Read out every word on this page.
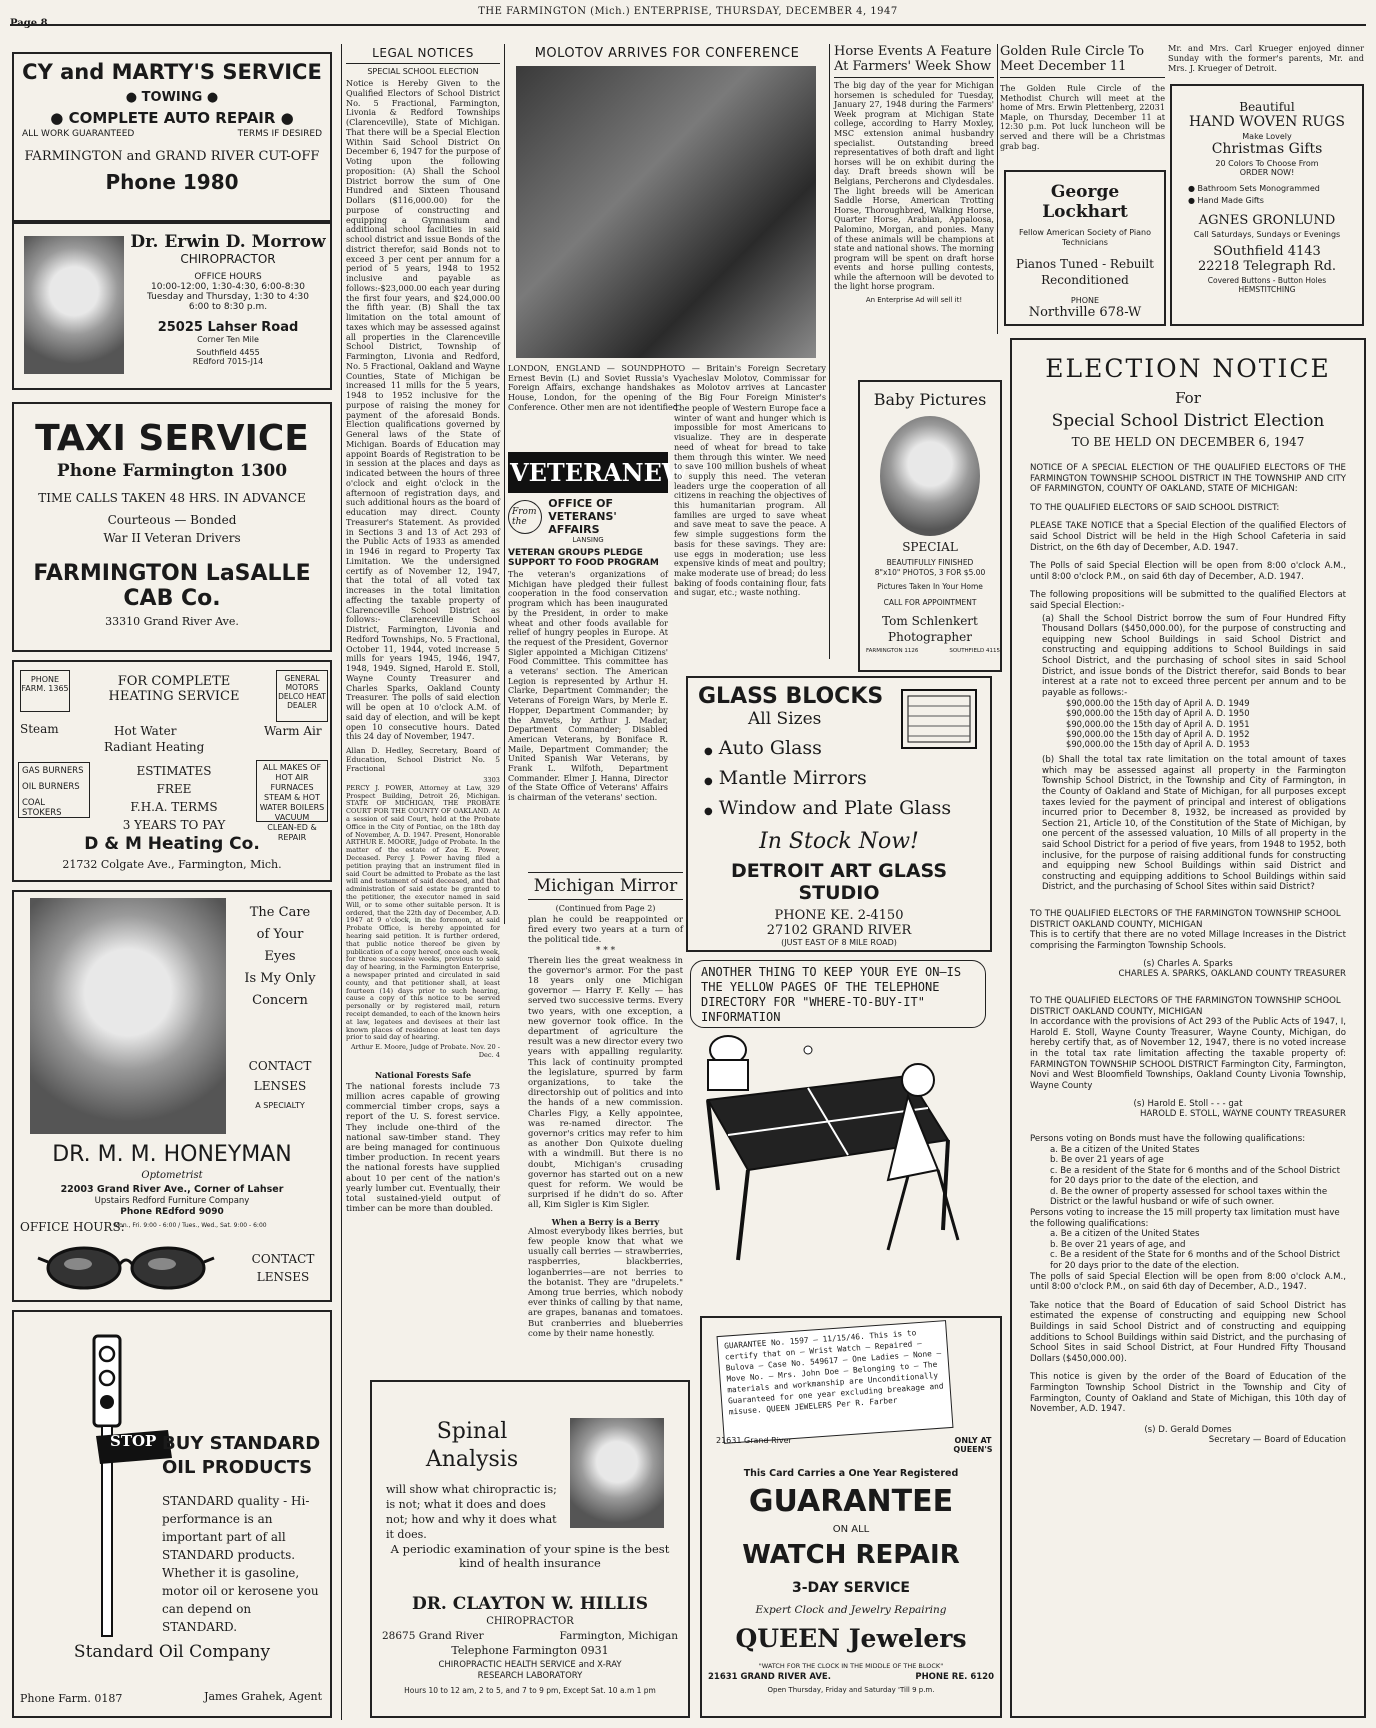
THE FARMINGTON (Mich.) ENTERPRISE, THURSDAY, DECEMBER 4, 1947
CY and MARTY'S SERVICE
● TOWING ●
● COMPLETE AUTO REPAIR ●
ALL WORK GUARANTEED	TERMS IF DESIRED
FARMINGTON and GRAND RIVER CUT-OFF
Phone 1980
Dr. Erwin D. Morrow
CHIROPRACTOR
OFFICE HOURS
10:00-12:00, 1:30-4:30, 6:00-8:30
Tuesday and Thursday, 1:30 to 4:30
6:00 to 8:30 p.m.
25025 Lahser Road
Corner Ten Mile
Southfield 4455
REdford 7015-J14
TAXI SERVICE
Phone Farmington 1300
TIME CALLS TAKEN 48 HRS. IN ADVANCE
Courteous — Bonded
War II Veteran Drivers
FARMINGTON LaSALLE CAB Co.
33310 Grand River Ave.
PHONE FARM. 1365
GENERAL MOTORS DELCO HEAT DEALER
FOR COMPLETE
HEATING SERVICE
Steam	Hot Water	Warm Air
Radiant Heating
GAS BURNERS
OIL BURNERS
COAL STOKERS
ESTIMATES
FREE
F.H.A. TERMS
3 YEARS TO PAY
ALL MAKES OF HOT AIR FURNACES STEAM & HOT WATER BOILERS VACUUM CLEAN-ED & REPAIR
D & M Heating Co.
21732 Colgate Ave., Farmington, Mich.
The Care
of Your
Eyes
Is My Only
Concern
CONTACT
LENSES
A SPECIALTY
DR. M. M. HONEYMAN
Optometrist
22003 Grand River Ave., Corner of Lahser
Upstairs Redford Furniture Company
Phone REdford 9090
OFFICE HOURS:
Mon., Fri. 9:00 - 6:00 / Tues., Wed., Sat. 9:00 - 6:00
CONTACT
LENSES
STOP BUY STANDARD OIL PRODUCTS
STANDARD quality - Hi-performance is an important part of all STANDARD products. Whether it is gasoline, motor oil or kerosene you can depend on STANDARD.
Standard Oil Company
Phone Farm. 0187	James Grahek, Agent
LEGAL NOTICES
SPECIAL SCHOOL ELECTION
Notice is Hereby Given to the Qualified Electors of School District No. 5 Fractional, Farmington, Livonia & Redford Townships (Clarenceville), State of Michigan. That there will be a Special Election Within Said School District On December 6, 1947 for the purpose of Voting upon the following proposition: (A) Shall the School District borrow the sum of One Hundred and Sixteen Thousand Dollars ($116,000.00) for the purpose of constructing and equipping a Gymnasium and additional school facilities in said school district and issue Bonds of the district therefor, said Bonds not to exceed 3 per cent per annum for a period of 5 years, 1948 to 1952 inclusive and payable as follows:-$23,000.00 each year during the first four years, and $24,000.00 the fifth year. (B) Shall the tax limitation on the total amount of taxes which may be assessed against all properties in the Clarenceville School District, Township of Farmington, Livonia and Redford, No. 5 Fractional, Oakland and Wayne Counties, State of Michigan be increased 11 mills for the 5 years, 1948 to 1952 inclusive for the purpose of raising the money for payment of the aforesaid Bonds. Election qualifications governed by General laws of the State of Michigan. Boards of Education may appoint Boards of Registration to be in session at the places and days as indicated between the hours of three o'clock and eight o'clock in the afternoon of registration days, and such additional hours as the board of education may direct. County Treasurer's Statement. As provided in Sections 3 and 13 of Act 293 of the Public Acts of 1933 as amended in 1946 in regard to Property Tax Limitation. We the undersigned certify as of November 12, 1947, that the total of all voted tax increases in the total limitation affecting the taxable property of Clarenceville School District as follows:- Clarenceville School District, Farmington, Livonia and Redford Townships, No. 5 Fractional, October 11, 1944, voted increase 5 mills for years 1945, 1946, 1947, 1948, 1949. Signed, Harold E. Stoll, Wayne County Treasurer and Charles Sparks, Oakland County Treasurer. The polls of said election will be open at 10 o'clock A.M. of said day of election, and will be kept open 10 consecutive hours. Dated this 24 day of November, 1947.
Allan D. Hedley, Secretary, Board of Education, School District No. 5 Fractional
3303
PERCY J. POWER, Attorney at Law, 329 Prospect Building, Detroit 26, Michigan. STATE OF MICHIGAN, THE PROBATE COURT FOR THE COUNTY OF OAKLAND. At a session of said Court, held at the Probate Office in the City of Pontiac, on the 18th day of November, A. D. 1947. Present, Honorable ARTHUR E. MOORE, Judge of Probate. In the matter of the estate of Zoa E. Power, Deceased. Percy J. Power having filed a petition praying that an instrument filed in said Court be admitted to Probate as the last will and testament of said deceased, and that administration of said estate be granted to the petitioner, the executor named in said Will, or to some other suitable person. It is ordered, that the 22th day of December, A.D. 1947 at 9 o'clock, in the forenoon, at said Probate Office, is hereby appointed for hearing said petition. It is further ordered, that public notice thereof be given by publication of a copy hereof, once each week, for three successive weeks, previous to said day of hearing, in the Farmington Enterprise, a newspaper printed and circulated in said county, and that petitioner shall, at least fourteen (14) days prior to such hearing, cause a copy of this notice to be served personally or by registered mail, return receipt demanded, to each of the known heirs at law, legatees and devisees at their last known places of residence at least ten days prior to said day of hearing.
Arthur E. Moore, Judge of Probate. Nov. 20 - Dec. 4
National Forests Safe
The national forests include 73 million acres capable of growing commercial timber crops, says a report of the U. S. forest service. They include one-third of the national saw-timber stand. They are being managed for continuous timber production. In recent years the national forests have supplied about 10 per cent of the nation's yearly lumber cut. Eventually, their total sustained-yield output of timber can be more than doubled.
MOLOTOV ARRIVES FOR CONFERENCE
LONDON, ENGLAND — SOUNDPHOTO — Britain's Foreign Secretary Ernest Bevin (L) and Soviet Russia's Vyacheslav Molotov, Commissar for Foreign Affairs, exchange handshakes as Molotov arrives at Lancaster House, London, for the opening of the Big Four Foreign Minister's Conference. Other men are not identified.
VETERANEWS
From the
OFFICE OF VETERANS' AFFAIRS
LANSING
VETERAN GROUPS PLEDGE SUPPORT TO FOOD PROGRAM
The veteran's organizations of Michigan have pledged their fullest cooperation in the food conservation program which has been inaugurated by the President, in order to make wheat and other foods available for relief of hungry peoples in Europe. At the request of the President, Governor Sigler appointed a Michigan Citizens' Food Committee. This committee has a veterans' section. The American Legion is represented by Arthur H. Clarke, Department Commander; the Veterans of Foreign Wars, by Merle E. Hopper, Department Commander; by the Amvets, by Arthur J. Madar, Department Commander; Disabled American Veterans, by Boniface R. Maile, Department Commander; the United Spanish War Veterans, by Frank L. Wilfoth, Department Commander. Elmer J. Hanna, Director of the State Office of Veterans' Affairs is chairman of the veterans' section.
The people of Western Europe face a winter of want and hunger which is impossible for most Americans to visualize. They are in desperate need of wheat for bread to take them through this winter. We need to save 100 million bushels of wheat to supply this need. The veteran leaders urge the cooperation of all citizens in reaching the objectives of this humanitarian program. All families are urged to save wheat and save meat to save the peace. A few simple suggestions form the basis for these savings. They are: use eggs in moderation; use less expensive kinds of meat and poultry; make moderate use of bread; do less baking of foods containing flour, fats and sugar, etc.; waste nothing.
GLASS BLOCKS
All Sizes
● Auto Glass
● Mantle Mirrors
● Window and Plate Glass
In Stock Now!
DETROIT ART GLASS STUDIO
PHONE KE. 2-4150
27102 GRAND RIVER
(JUST EAST OF 8 MILE ROAD)
Michigan Mirror
(Continued from Page 2)
plan he could be reappointed or fired every two years at a turn of the political tide.
* * *
Therein lies the great weakness in the governor's armor. For the past 18 years only one Michigan governor — Harry F. Kelly — has served two successive terms. Every two years, with one exception, a new governor took office. In the department of agriculture the result was a new director every two years with appalling regularity. This lack of continuity prompted the legislature, spurred by farm organizations, to take the directorship out of politics and into the hands of a new commission. Charles Figy, a Kelly appointee, was re-named director. The governor's critics may refer to him as another Don Quixote dueling with a windmill. But there is no doubt, Michigan's crusading governor has started out on a new quest for reform. We would be surprised if he didn't do so. After all, Kim Sigler is Kim Sigler.
When a Berry is a Berry
Almost everybody likes berries, but few people know that what we usually call berries — strawberries, raspberries, blackberries, loganberries—are not berries to the botanist. They are "drupelets." Among true berries, which nobody ever thinks of calling by that name, are grapes, bananas and tomatoes. But cranberries and blueberries come by their name honestly.
ANOTHER THING TO KEEP YOUR EYE ON—IS THE YELLOW PAGES OF THE TELEPHONE DIRECTORY FOR "WHERE-TO-BUY-IT" INFORMATION
Spinal
Analysis
will show what chiropractic is; is not; what it does and does not; how and why it does what it does.
A periodic examination of your spine is the best kind of health insurance
DR. CLAYTON W. HILLIS
CHIROPRACTOR
28675 Grand River	Farmington, Michigan
Telephone Farmington 0931
CHIROPRACTIC HEALTH SERVICE and X-RAY RESEARCH LABORATORY
Hours 10 to 12 am, 2 to 5, and 7 to 9 pm, Except Sat. 10 a.m 1 pm
GUARANTEE No. 1597 — 11/15/46. This is to certify that on — Wrist Watch — Repaired — Bulova — Case No. 549617 — One Ladies — None — Move No. — Mrs. John Doe — Belonging to — The materials and workmanship are Unconditionally Guaranteed for one year excluding breakage and misuse. QUEEN JEWELERS Per R. Farber
21631 Grand River	ONLY AT QUEEN'S
This Card Carries a One Year Registered
GUARANTEE
ON ALL
WATCH REPAIR
3-DAY SERVICE
Expert Clock and Jewelry Repairing
QUEEN Jewelers
"WATCH FOR THE CLOCK IN THE MIDDLE OF THE BLOCK"
21631 GRAND RIVER AVE.	PHONE RE. 6120
Open Thursday, Friday and Saturday 'Till 9 p.m.
Horse Events A Feature At Farmers' Week Show
The big day of the year for Michigan horsemen is scheduled for Tuesday, January 27, 1948 during the Farmers' Week program at Michigan State college, according to Harry Moxley, MSC extension animal husbandry specialist. Outstanding breed representatives of both draft and light horses will be on exhibit during the day. Draft breeds shown will be Belgians, Percherons and Clydesdales. The light breeds will be American Saddle Horse, American Trotting Horse, Thoroughbred, Walking Horse, Quarter Horse, Arabian, Appaloosa, Palomino, Morgan, and ponies. Many of these animals will be champions at state and national shows. The morning program will be spent on draft horse events and horse pulling contests, while the afternoon will be devoted to the light horse program.
An Enterprise Ad will sell it!
Baby Pictures
SPECIAL
BEAUTIFULLY FINISHED
8"x10" PHOTOS, 3 FOR $5.00
Pictures Taken In Your Home
CALL FOR APPOINTMENT
Tom Schlenkert
Photographer
FARMINGTON 1126	SOUTHFIELD 4115
Golden Rule Circle To Meet December 11
The Golden Rule Circle of the Methodist Church will meet at the home of Mrs. Erwin Plettenberg, 22031 Maple, on Thursday, December 11 at 12:30 p.m. Pot luck luncheon will be served and there will be a Christmas grab bag.
Mr. and Mrs. Carl Krueger enjoyed dinner Sunday with the former's parents, Mr. and Mrs. J. Krueger of Detroit.
George Lockhart
Fellow American Society of Piano Technicians
Pianos Tuned - Rebuilt Reconditioned
PHONE
Northville 678-W
Beautiful
HAND WOVEN RUGS
Make Lovely
Christmas Gifts
20 Colors To Choose From
ORDER NOW!
● Bathroom Sets Monogrammed
● Hand Made Gifts
AGNES GRONLUND
Call Saturdays, Sundays or Evenings
SOuthfield 4143
22218 Telegraph Rd.
Covered Buttons - Button Holes
HEMSTITCHING
ELECTION NOTICE
For
Special School District Election
TO BE HELD ON DECEMBER 6, 1947
NOTICE OF A SPECIAL ELECTION OF THE QUALIFIED ELECTORS OF THE FARMINGTON TOWNSHIP SCHOOL DISTRICT IN THE TOWNSHIP AND CITY OF FARMINGTON, COUNTY OF OAKLAND, STATE OF MICHIGAN:
TO THE QUALIFIED ELECTORS OF SAID SCHOOL DISTRICT:
PLEASE TAKE NOTICE that a Special Election of the qualified Electors of said School District will be held in the High School Cafeteria in said District, on the 6th day of December, A.D. 1947.
The Polls of said Special Election will be open from 8:00 o'clock A.M., until 8:00 o'clock P.M., on said 6th day of December, A.D. 1947.
The following propositions will be submitted to the qualified Electors at said Special Election:-
(a) Shall the School District borrow the sum of Four Hundred Fifty Thousand Dollars ($450,000.00), for the purpose of constructing and equipping new School Buildings in said School District and constructing and equipping additions to School Buildings in said School District, and the purchasing of school sites in said School District, and issue bonds of the District therefor, said Bonds to bear interest at a rate not to exceed three percent per annum and to be payable as follows:-
$90,000.00 the 15th day of April A. D. 1949
$90,000.00 the 15th day of April A. D. 1950
$90,000.00 the 15th day of April A. D. 1951
$90,000.00 the 15th day of April A. D. 1952
$90,000.00 the 15th day of April A. D. 1953
(b) Shall the total tax rate limitation on the total amount of taxes which may be assessed against all property in the Farmington Township School District, in the Township and City of Farmington, in the County of Oakland and State of Michigan, for all purposes except taxes levied for the payment of principal and interest of obligations incurred prior to December 8, 1932, be increased as provided by Section 21, Article 10, of the Constitution of the State of Michigan, by one percent of the assessed valuation, 10 Mills of all property in the said School District for a period of five years, from 1948 to 1952, both inclusive, for the purpose of raising additional funds for constructing and equipping new School Buildings within said District and constructing and equipping additions to School Buildings within said District, and the purchasing of School Sites within said District?
TO THE QUALIFIED ELECTORS OF THE FARMINGTON TOWNSHIP SCHOOL DISTRICT OAKLAND COUNTY, MICHIGAN
This is to certify that there are no voted Millage Increases in the District comprising the Farmington Township Schools.
(s) Charles A. Sparks
CHARLES A. SPARKS, OAKLAND COUNTY TREASURER
TO THE QUALIFIED ELECTORS OF THE FARMINGTON TOWNSHIP SCHOOL DISTRICT OAKLAND COUNTY, MICHIGAN
In accordance with the provisions of Act 293 of the Public Acts of 1947, I, Harold E. Stoll, Wayne County Treasurer, Wayne County, Michigan, do hereby certify that, as of November 12, 1947, there is no voted increase in the total tax rate limitation affecting the taxable property of: FARMINGTON TOWNSHIP SCHOOL DISTRICT Farmington City, Farmington, Novi and West Bloomfield Townships, Oakland County Livonia Township, Wayne County
(s) Harold E. Stoll - - - gat
HAROLD E. STOLL, WAYNE COUNTY TREASURER
Persons voting on Bonds must have the following qualifications:
a. Be a citizen of the United States
b. Be over 21 years of age
c. Be a resident of the State for 6 months and of the School District for 20 days prior to the date of the election, and
d. Be the owner of property assessed for school taxes within the District or the lawful husband or wife of such owner.
Persons voting to increase the 15 mill property tax limitation must have the following qualifications:
a. Be a citizen of the United States
b. Be over 21 years of age, and
c. Be a resident of the State for 6 months and of the School District for 20 days prior to the date of the election.
The polls of said Special Election will be open from 8:00 o'clock A.M., until 8:00 o'clock P.M., on said 6th day of December, A.D., 1947.
Take notice that the Board of Education of said School District has estimated the expense of constructing and equipping new School Buildings in said School District and of constructing and equipping additions to School Buildings within said District, and the purchasing of School Sites in said School District, at Four Hundred Fifty Thousand Dollars ($450,000.00).
This notice is given by the order of the Board of Education of the Farmington Township School District in the Township and City of Farmington, County of Oakland and State of Michigan, this 10th day of November, A.D. 1947.
(s) D. Gerald Domes
Secretary — Board of Education
